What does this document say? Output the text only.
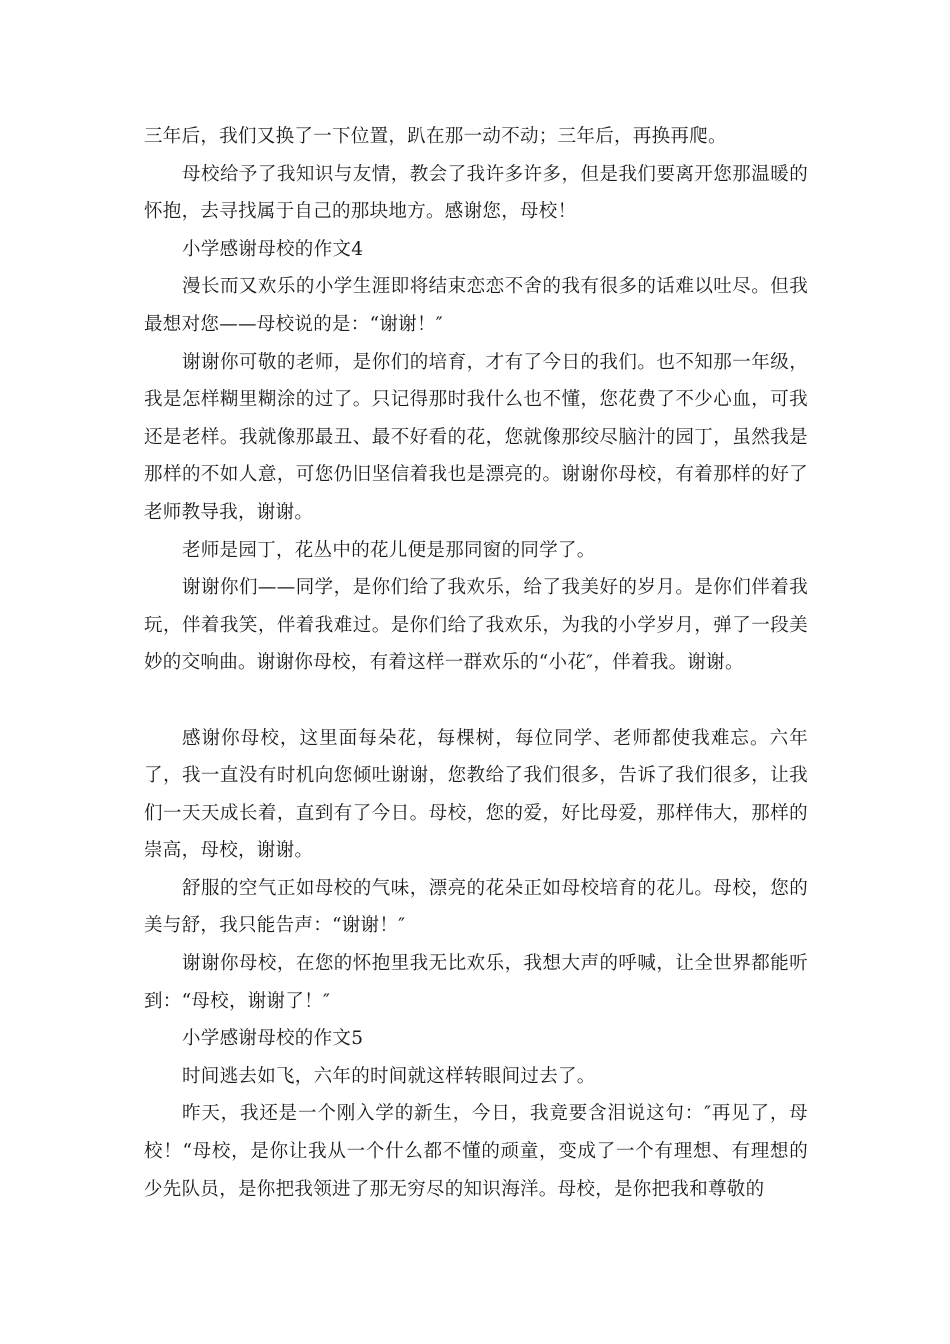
三年后，我们又换了一下位置，趴在那一动不动；三年后，再换再爬。

母校给予了我知识与友情，教会了我许多许多，但是我们要离开您那温暖的怀抱，去寻找属于自己的那块地方。感谢您，母校！

小学感谢母校的作文4

漫长而又欢乐的小学生涯即将结束恋恋不舍的我有很多的话难以吐尽。但我最想对您——母校说的是：“谢谢！″

谢谢你可敬的老师，是你们的培育，才有了今日的我们。也不知那一年级，我是怎样糊里糊涂的过了。只记得那时我什么也不懂，您花费了不少心血，可我还是老样。我就像那最丑、最不好看的花，您就像那绞尽脑汁的园丁，虽然我是那样的不如人意，可您仍旧坚信着我也是漂亮的。谢谢你母校，有着那样的好了老师教导我，谢谢。

老师是园丁，花丛中的花儿便是那同窗的同学了。

谢谢你们——同学，是你们给了我欢乐，给了我美好的岁月。是你们伴着我玩，伴着我笑，伴着我难过。是你们给了我欢乐，为我的小学岁月，弹了一段美妙的交响曲。谢谢你母校，有着这样一群欢乐的“小花″，伴着我。谢谢。

感谢你母校，这里面每朵花，每棵树，每位同学、老师都使我难忘。六年了，我一直没有时机向您倾吐谢谢，您教给了我们很多，告诉了我们很多，让我们一天天成长着，直到有了今日。母校，您的爱，好比母爱，那样伟大，那样的崇高，母校，谢谢。

舒服的空气正如母校的气味，漂亮的花朵正如母校培育的花儿。母校，您的美与舒，我只能告声：“谢谢！″

谢谢你母校，在您的怀抱里我无比欢乐，我想大声的呼喊，让全世界都能听到：“母校，谢谢了！″

小学感谢母校的作文5

时间逃去如飞，六年的时间就这样转眼间过去了。

昨天，我还是一个刚入学的新生，今日，我竟要含泪说这句：″再见了，母校！“母校，是你让我从一个什么都不懂的顽童，变成了一个有理想、有理想的少先队员，是你把我领进了那无穷尽的知识海洋。母校，是你把我和尊敬的
